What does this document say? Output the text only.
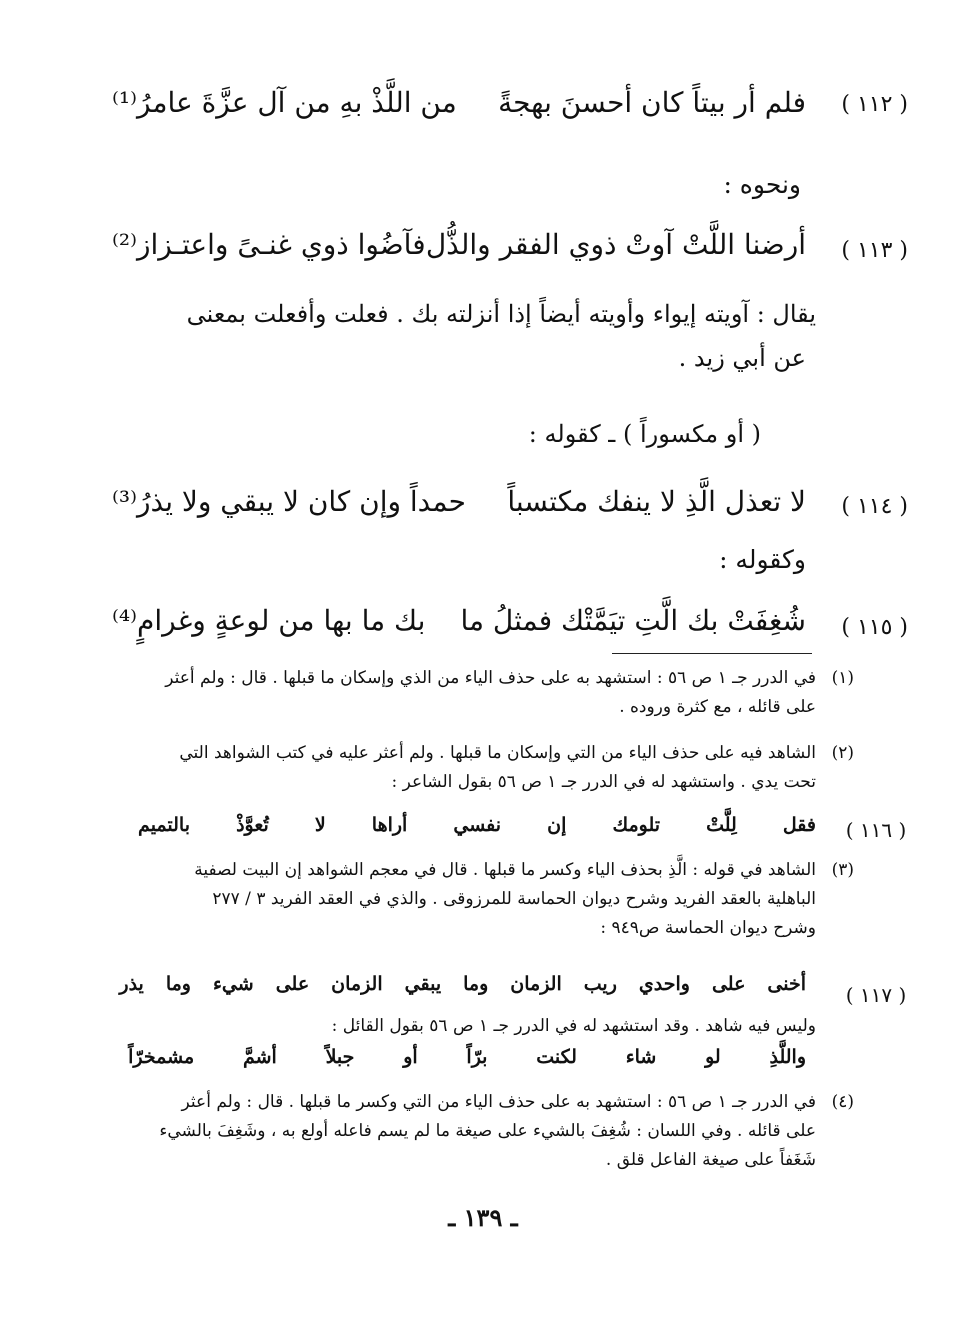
( ١١٢ )
فلم أر بيتاً كان أحسنَ بهجةً
من اللَّذْ بهِ من آل عزَّةَ عامرُ⁽¹⁾
ونحوه :
( ١١٣ )
أرضنا اللَّتْ آوتْ ذوي الفقر والذُّل
فآضُوا ذوي غنـىً واعتـزاز⁽²⁾
يقال : آويته إيواء وأويته أيضاً إذا أنزلته بك . فعلت وأفعلت بمعنى
عن أبي زيد .
( أو مكسوراً ) ـ كقوله :
( ١١٤ )
لا تعذل الَّذِ لا ينفك مكتسباً
حمداً وإن كان لا يبقي ولا يذرُ⁽³⁾
وكقوله :
( ١١٥ )
شُغِفَتْ بك الَّتِ تيَمَّتْك فمثلُ ما
بك ما بها من لوعةٍ وغرامٍ⁽⁴⁾
(١)
في الدرر جـ ١ ص ٥٦ : استشهد به على حذف الياء من الذي وإسكان ما قبلها . قال : ولم أعثر
على قائله ، مع كثرة وروده .
(٢)
الشاهد فيه على حذف الياء من التي وإسكان ما قبلها . ولم أعثر عليه في كتب الشواهد التي
تحت يدي . واستشهد له في الدرر جـ ١ ص ٥٦ بقول الشاعر :
( ١١٦ )
فقل
لِلَّتْ
تلومك
إن
نفسي
أراها
لا
تُعوَّذْ
بالتميم
(٣)
الشاهد في قوله : الَّذِ بحذف الياء وكسر ما قبلها . قال في معجم الشواهد إن البيت لصفية
الباهلية بالعقد الفريد وشرح ديوان الحماسة للمرزوقى . والذي في العقد الفريد ٣ / ٢٧٧
وشرح ديوان الحماسة ص٩٤٩ :
( ١١٧ )
أخنى
على
واحدي
ريب
الزمان
وما
يبقي
الزمان
على
شيء
وما
يذر
وليس فيه شاهد . وقد استشهد له في الدرر جـ ١ ص ٥٦ بقول القائل :
واللَّذِ
لو
شاء
لكنت
برّاً
أو
جبلاً
أشمَّ
مشمخرّاً
(٤)
في الدرر جـ ١ ص ٥٦ : استشهد به على حذف الياء من التي وكسر ما قبلها . قال : ولم أعثر
على قائله . وفي اللسان : شُغِفَ بالشيء على صيغة ما لم يسم فاعله أولع به ، وشَغِفَ بالشيء
شَغَفاً على صيغة الفاعل قلق .
ـ ١٣٩ ـ
